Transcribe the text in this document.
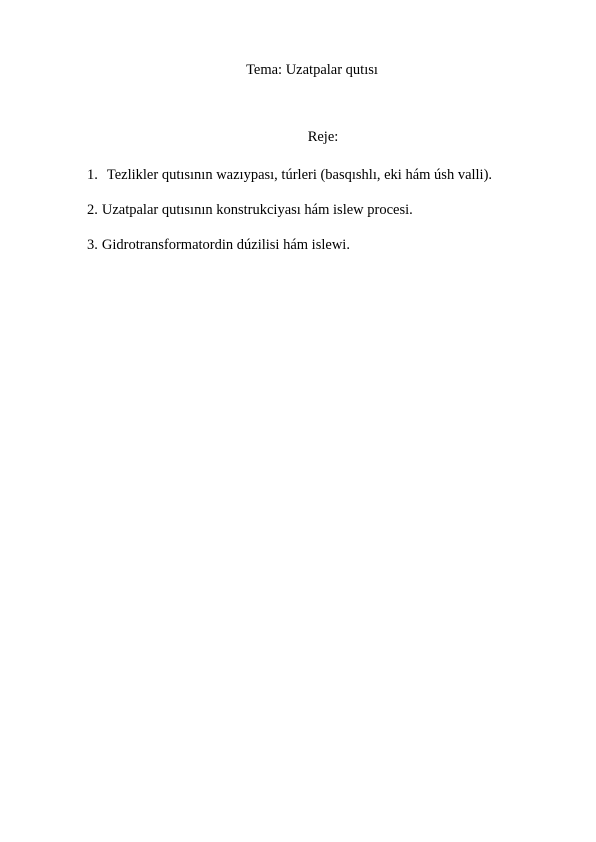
Tema: Uzatpalar qutısı
Reje:
1. Tezlikler qutısının wazıypası, túrleri (basqıshlı, eki hám úsh valli).
2. Uzatpalar qutısının konstrukciyası hám islew procesi.
3. Gidrotransformatordin dúzilisi hám islewi.
